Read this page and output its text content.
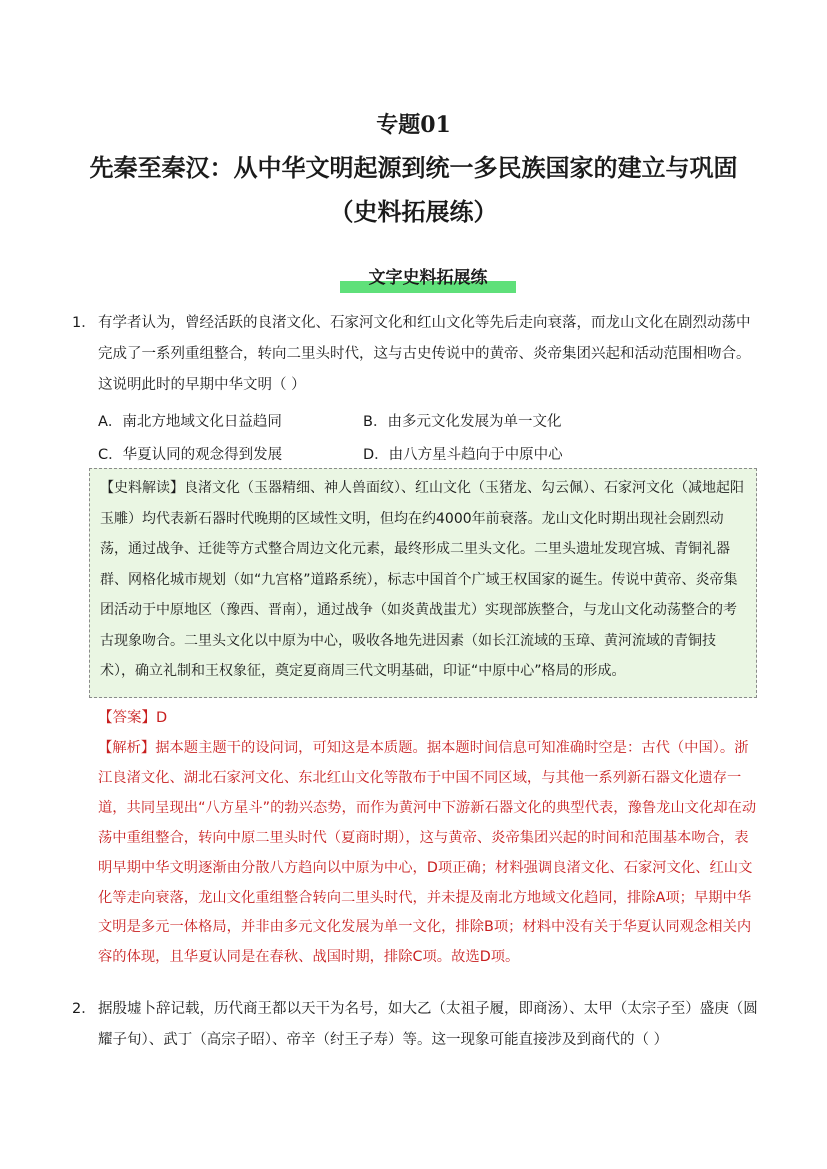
专题01
先秦至秦汉：从中华文明起源到统一多民族国家的建立与巩固
（史料拓展练）
文字史料拓展练
1． 有学者认为，曾经活跃的良渚文化、石家河文化和红山文化等先后走向衰落，而龙山文化在剧烈动荡中完成了一系列重组整合，转向二里头时代，这与古史传说中的黄帝、炎帝集团兴起和活动范围相吻合。这说明此时的早期中华文明（ ）
A．南北方地域文化日益趋同	B．由多元文化发展为单一文化
C．华夏认同的观念得到发展	D．由八方星斗趋向于中原中心
【史料解读】良渚文化（玉器精细、神人兽面纹）、红山文化（玉猪龙、勾云佩）、石家河文化（减地起阳玉雕）均代表新石器时代晚期的区域性文明，但均在约4000年前衰落。龙山文化时期出现社会剧烈动荡，通过战争、迁徙等方式整合周边文化元素，最终形成二里头文化。二里头遗址发现宫城、青铜礼器群、网格化城市规划（如“九宫格”道路系统），标志中国首个广域王权国家的诞生。传说中黄帝、炎帝集团活动于中原地区（豫西、晋南），通过战争（如炎黄战蚩尤）实现部族整合，与龙山文化动荡整合的考古现象吻合。二里头文化以中原为中心，吸收各地先进因素（如长江流域的玉璋、黄河流域的青铜技术），确立礼制和王权象征，奠定夏商周三代文明基础，印证“中原中心”格局的形成。
【答案】D
【解析】据本题主题干的设问词，可知这是本质题。据本题时间信息可知准确时空是：古代（中国）。浙江良渚文化、湖北石家河文化、东北红山文化等散布于中国不同区域，与其他一系列新石器文化遗存一道，共同呈现出“八方星斗”的勃兴态势，而作为黄河中下游新石器文化的典型代表，豫鲁龙山文化却在动荡中重组整合，转向中原二里头时代（夏商时期），这与黄帝、炎帝集团兴起的时间和范围基本吻合，表明早期中华文明逐渐由分散八方趋向以中原为中心，D项正确；材料强调良渚文化、石家河文化、红山文化等走向衰落，龙山文化重组整合转向二里头时代，并未提及南北方地域文化趋同，排除A项；早期中华文明是多元一体格局，并非由多元文化发展为单一文化，排除B项；材料中没有关于华夏认同观念相关内容的体现，且华夏认同是在春秋、战国时期，排除C项。故选D项。
2． 据殷墟卜辞记载，历代商王都以天干为名号，如大乙（太祖子履，即商汤）、太甲（太宗子至）盛庚（圆耀子旬）、武丁（高宗子昭）、帝辛（纣王子寿）等。这一现象可能直接涉及到商代的（ ）
